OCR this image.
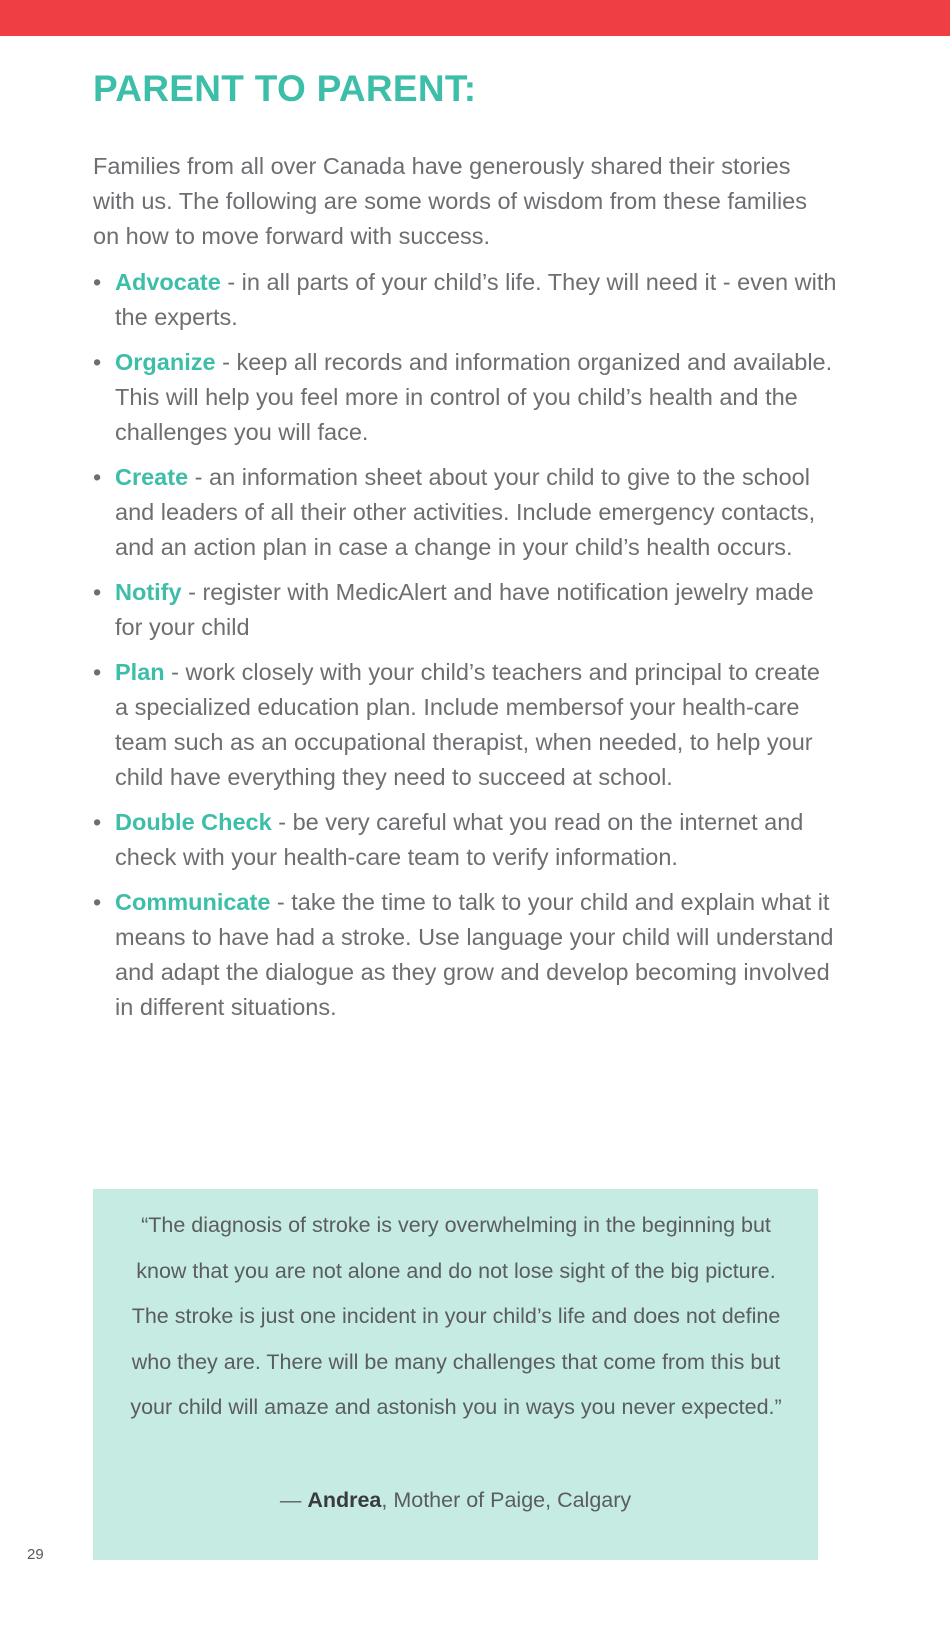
PARENT TO PARENT:

Families from all over Canada have generously shared their stories with us. The following are some words of wisdom from these families on how to move forward with success.

• Advocate - in all parts of your child’s life. They will need it - even with the experts.
• Organize - keep all records and information organized and available. This will help you feel more in control of you child’s health and the challenges you will face.
• Create - an information sheet about your child to give to the school and leaders of all their other activities. Include emergency contacts, and an action plan in case a change in your child’s health occurs.
• Notify - register with MedicAlert and have notification jewelry made for your child
• Plan - work closely with your child’s teachers and principal to create a specialized education plan. Include membersof your health-care team such as an occupational therapist, when needed, to help your child have everything they need to succeed at school.
• Double Check - be very careful what you read on the internet and check with your health-care team to verify information.
• Communicate - take the time to talk to your child and explain what it means to have had a stroke. Use language your child will understand and adapt the dialogue as they grow and develop becoming involved in different situations.

“The diagnosis of stroke is very overwhelming in the beginning but know that you are not alone and do not lose sight of the big picture. The stroke is just one incident in your child’s life and does not define who they are. There will be many challenges that come from this but your child will amaze and astonish you in ways you never expected.”

— Andrea, Mother of Paige, Calgary

29
